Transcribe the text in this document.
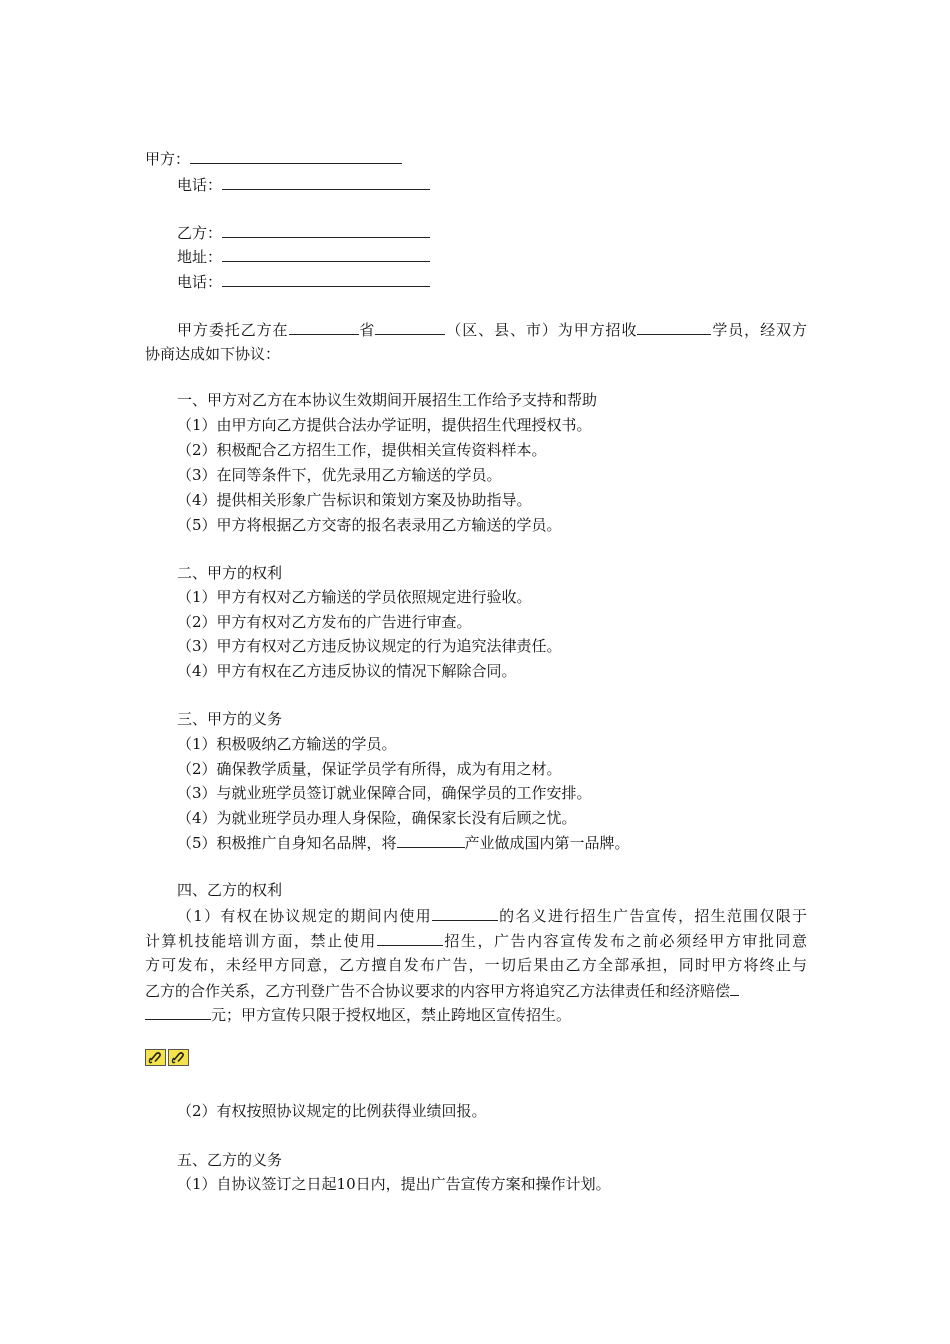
甲方：
电话：
乙方：
地址：
电话：
甲方委托乙方在	省	（区、县、市）为甲方招收	学员，经双方
协商达成如下协议：
一、甲方对乙方在本协议生效期间开展招生工作给予支持和帮助
（1）由甲方向乙方提供合法办学证明，提供招生代理授权书。
（2）积极配合乙方招生工作，提供相关宣传资料样本。
（3）在同等条件下，优先录用乙方输送的学员。
（4）提供相关形象广告标识和策划方案及协助指导。
（5）甲方将根据乙方交寄的报名表录用乙方输送的学员。
二、甲方的权利
（1）甲方有权对乙方输送的学员依照规定进行验收。
（2）甲方有权对乙方发布的广告进行审查。
（3）甲方有权对乙方违反协议规定的行为追究法律责任。
（4）甲方有权在乙方违反协议的情况下解除合同。
三、甲方的义务
（1）积极吸纳乙方输送的学员。
（2）确保教学质量，保证学员学有所得，成为有用之材。
（3）与就业班学员签订就业保障合同，确保学员的工作安排。
（4）为就业班学员办理人身保险，确保家长没有后顾之忧。
（5）积极推广自身知名品牌，将	产业做成国内第一品牌。
四、乙方的权利
（1）有权在协议规定的期间内使用	的名义进行招生广告宣传，招生范围仅限于
计算机技能培训方面，禁止使用	招生，广告内容宣传发布之前必须经甲方审批同意
方可发布，未经甲方同意，乙方擅自发布广告，一切后果由乙方全部承担，同时甲方将终止与
乙方的合作关系，乙方刊登广告不合协议要求的内容甲方将追究乙方法律责任和经济赔偿
元；甲方宣传只限于授权地区，禁止跨地区宣传招生。
（2）有权按照协议规定的比例获得业绩回报。
五、乙方的义务
（1）自协议签订之日起10日内，提出广告宣传方案和操作计划。
